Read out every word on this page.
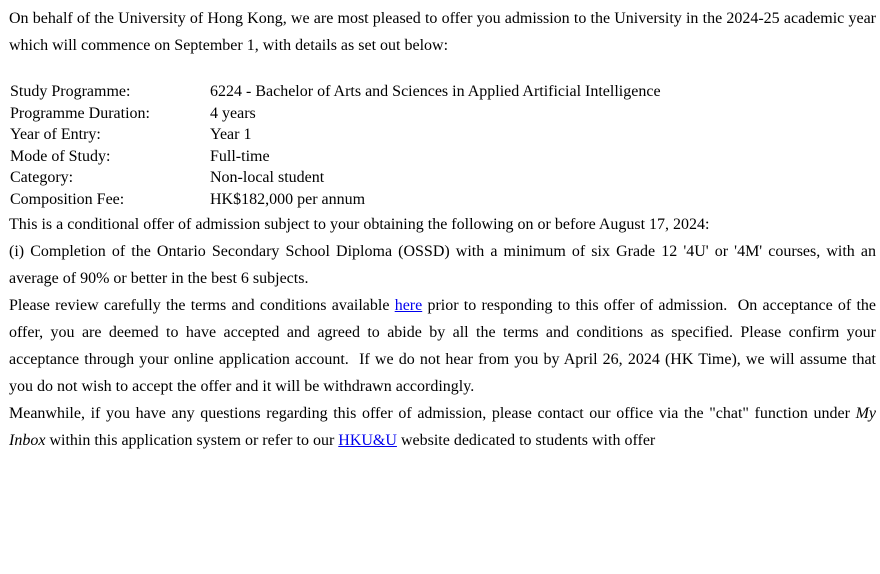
On behalf of the University of Hong Kong, we are most pleased to offer you admission to the University in the 2024-25 academic year which will commence on September 1, with details as set out below:

Study Programme:	6224 - Bachelor of Arts and Sciences in Applied Artificial Intelligence
Programme Duration:	4 years
Year of Entry:	Year 1
Mode of Study:	Full-time
Category:	Non-local student
Composition Fee:	HK$182,000 per annum

This is a conditional offer of admission subject to your obtaining the following on or before August 17, 2024:

(i) Completion of the Ontario Secondary School Diploma (OSSD) with a minimum of six Grade 12 '4U' or '4M' courses, with an average of 90% or better in the best 6 subjects.

Please review carefully the terms and conditions available here prior to responding to this offer of admission.  On acceptance of the offer, you are deemed to have accepted and agreed to abide by all the terms and conditions as specified. Please confirm your acceptance through your online application account.  If we do not hear from you by April 26, 2024 (HK Time), we will assume that you do not wish to accept the offer and it will be withdrawn accordingly.

Meanwhile, if you have any questions regarding this offer of admission, please contact our office via the "chat" function under My Inbox within this application system or refer to our HKU&U website dedicated to students with offer
